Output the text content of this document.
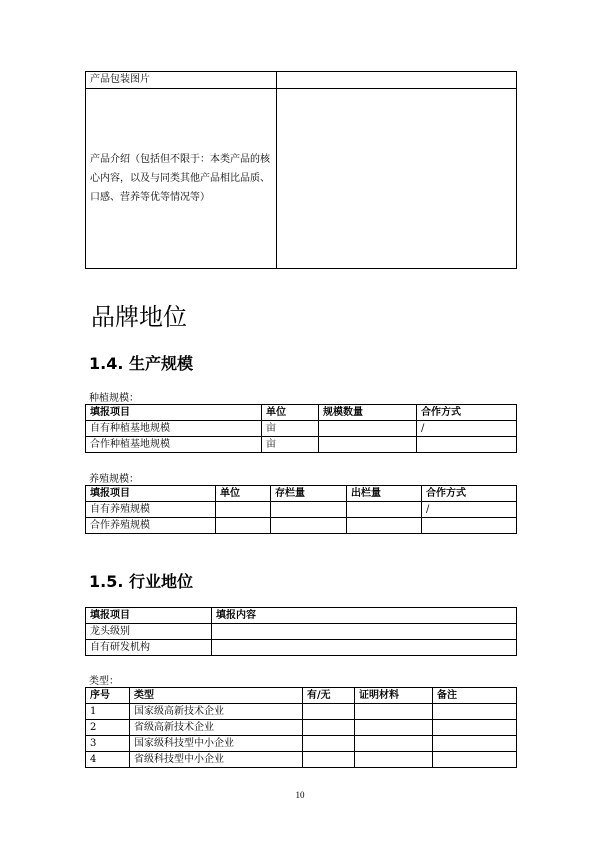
产品包装图片	
产品介绍（包括但不限于：本类产品的核心内容，以及与同类其他产品相比品质、口感、营养等优等情况等）	
品牌地位
1.4. 生产规模
种植规模：
填报项目	单位	规模数量	合作方式
自有种植基地规模	亩		/
合作种植基地规模	亩		
养殖规模：
填报项目	单位	存栏量	出栏量	合作方式
自有养殖规模				/
合作养殖规模				
1.5. 行业地位
填报项目	填报内容
龙头级别	
自有研发机构	
类型：
序号	类型	有/无	证明材料	备注
1	国家级高新技术企业			
2	省级高新技术企业			
3	国家级科技型中小企业			
4	省级科技型中小企业			
10
